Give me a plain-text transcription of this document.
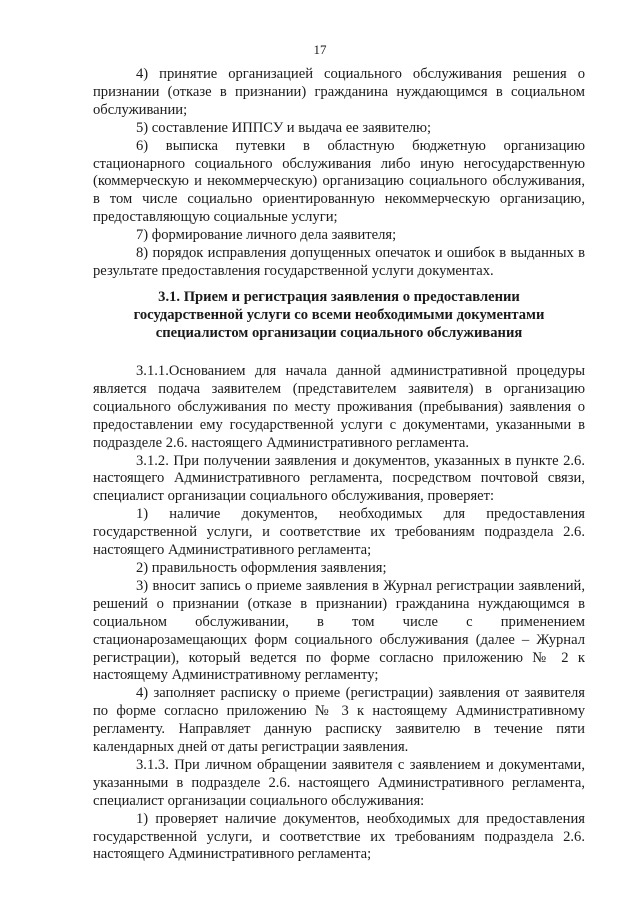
17

4) принятие организацией социального обслуживания решения о признании (отказе в признании) гражданина нуждающимся в социальном обслуживании;

5) составление ИППСУ и выдача ее заявителю;

6) выписка путевки в областную бюджетную организацию стационарного социального обслуживания либо иную негосударственную (коммерческую и некоммерческую) организацию социального обслуживания, в том числе социально ориентированную некоммерческую организацию, предоставляющую социальные услуги;

7) формирование личного дела заявителя;

8) порядок исправления допущенных опечаток и ошибок в выданных в результате предоставления государственной услуги документах.

3.1. Прием и регистрация заявления о предоставлении
государственной услуги со всеми необходимыми документами
специалистом организации социального обслуживания

3.1.1.Основанием для начала данной административной процедуры является подача заявителем (представителем заявителя) в организацию социального обслуживания по месту проживания (пребывания) заявления о предоставлении ему государственной услуги с документами, указанными в подразделе 2.6. настоящего Административного регламента.

3.1.2. При получении заявления и документов, указанных в пункте 2.6. настоящего Административного регламента, посредством почтовой связи, специалист организации социального обслуживания, проверяет:

1) наличие документов, необходимых для предоставления государственной услуги, и соответствие их требованиям подраздела 2.6. настоящего Административного регламента;

2) правильность оформления заявления;

3) вносит запись о приеме заявления в Журнал регистрации заявлений, решений о признании (отказе в признании) гражданина нуждающимся в социальном обслуживании, в том числе с применением стационарозамещающих форм социального обслуживания (далее – Журнал регистрации), который ведется по форме согласно приложению № 2 к настоящему Административному регламенту;

4) заполняет расписку о приеме (регистрации) заявления от заявителя по форме согласно приложению № 3 к настоящему Административному регламенту. Направляет данную расписку заявителю в течение пяти календарных дней от даты регистрации заявления.

3.1.3. При личном обращении заявителя с заявлением и документами, указанными в подразделе 2.6. настоящего Административного регламента, специалист организации социального обслуживания:

1) проверяет наличие документов, необходимых для предоставления государственной услуги, и соответствие их требованиям подраздела 2.6. настоящего Административного регламента;
